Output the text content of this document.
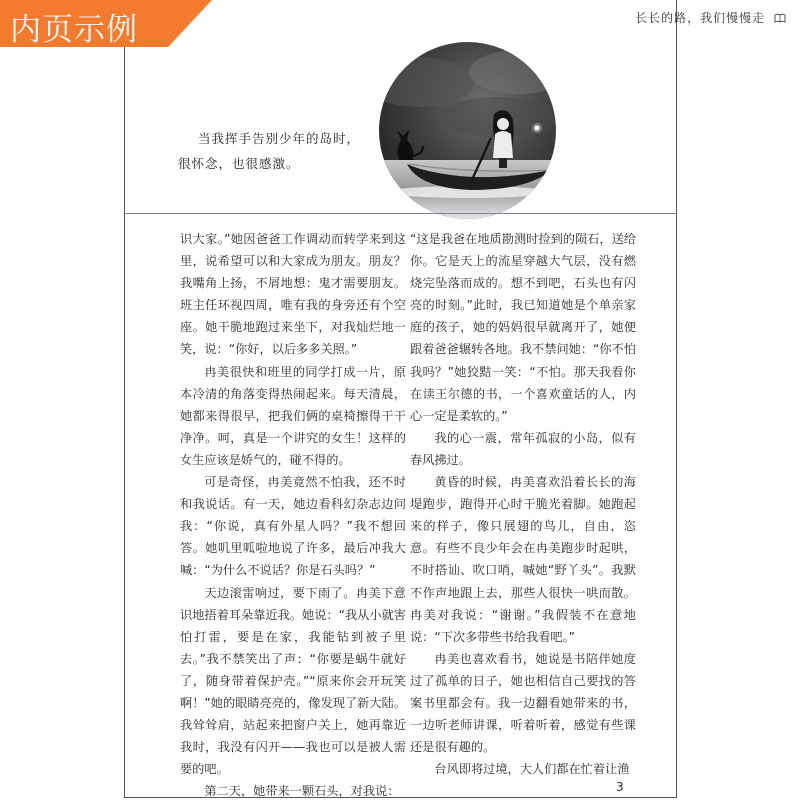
内页示例	长长的路，我们慢慢走
当我挥手告别少年的岛时，
很怀念，也很感激。

识大家。”她因爸爸工作调动而转学来到这里，说希望可以和大家成为朋友。朋友？我嘴角上扬，不屑地想：鬼才需要朋友。班主任环视四周，唯有我的身旁还有个空座。她干脆地跑过来坐下，对我灿烂地一笑，说：“你好，以后多多关照。”

冉美很快和班里的同学打成一片，原本冷清的角落变得热闹起来。每天清晨，她都来得很早，把我们俩的桌椅擦得干干净净。呵，真是一个讲究的女生！这样的女生应该是娇气的，碰不得的。

可是奇怪，冉美竟然不怕我，还不时和我说话。有一天，她边看科幻杂志边问我：“你说，真有外星人吗？”我不想回答。她叽里呱啦地说了许多，最后冲我大喊：“为什么不说话？你是石头吗？”

天边滚雷响过，要下雨了。冉美下意识地捂着耳朵靠近我。她说：“我从小就害怕打雷，要是在家，我能钻到被子里去。”我不禁笑出了声：“你要是蜗牛就好了，随身带着保护壳。”“原来你会开玩笑啊！”她的眼睛亮亮的，像发现了新大陆。我耸耸肩，站起来把窗户关上，她再靠近我时，我没有闪开——我也可以是被人需要的吧。

第二天，她带来一颗石头，对我说：

“这是我爸在地质勘测时捡到的陨石，送给你。它是天上的流星穿越大气层，没有燃烧完坠落而成的。想不到吧，石头也有闪亮的时刻。”此时，我已知道她是个单亲家庭的孩子，她的妈妈很早就离开了，她便跟着爸爸辗转各地。我不禁问她：“你不怕我吗？”她狡黠一笑：“不怕。那天我看你在读王尔德的书，一个喜欢童话的人，内心一定是柔软的。”

我的心一震，常年孤寂的小岛，似有春风拂过。

黄昏的时候，冉美喜欢沿着长长的海堤跑步，跑得开心时干脆光着脚。她跑起来的样子，像只展翅的鸟儿，自由，恣意。有些不良少年会在冉美跑步时起哄，不时搭讪、吹口哨，喊她“野丫头”。我默不作声地跟上去，那些人很快一哄而散。冉美对我说：“谢谢。”我假装不在意地说：“下次多带些书给我看吧。”

冉美也喜欢看书，她说是书陪伴她度过了孤单的日子，她也相信自己要找的答案书里都会有。我一边翻看她带来的书，一边听老师讲课，听着听着，感觉有些课还是很有趣的。

台风即将过境，大人们都在忙着让渔

3
